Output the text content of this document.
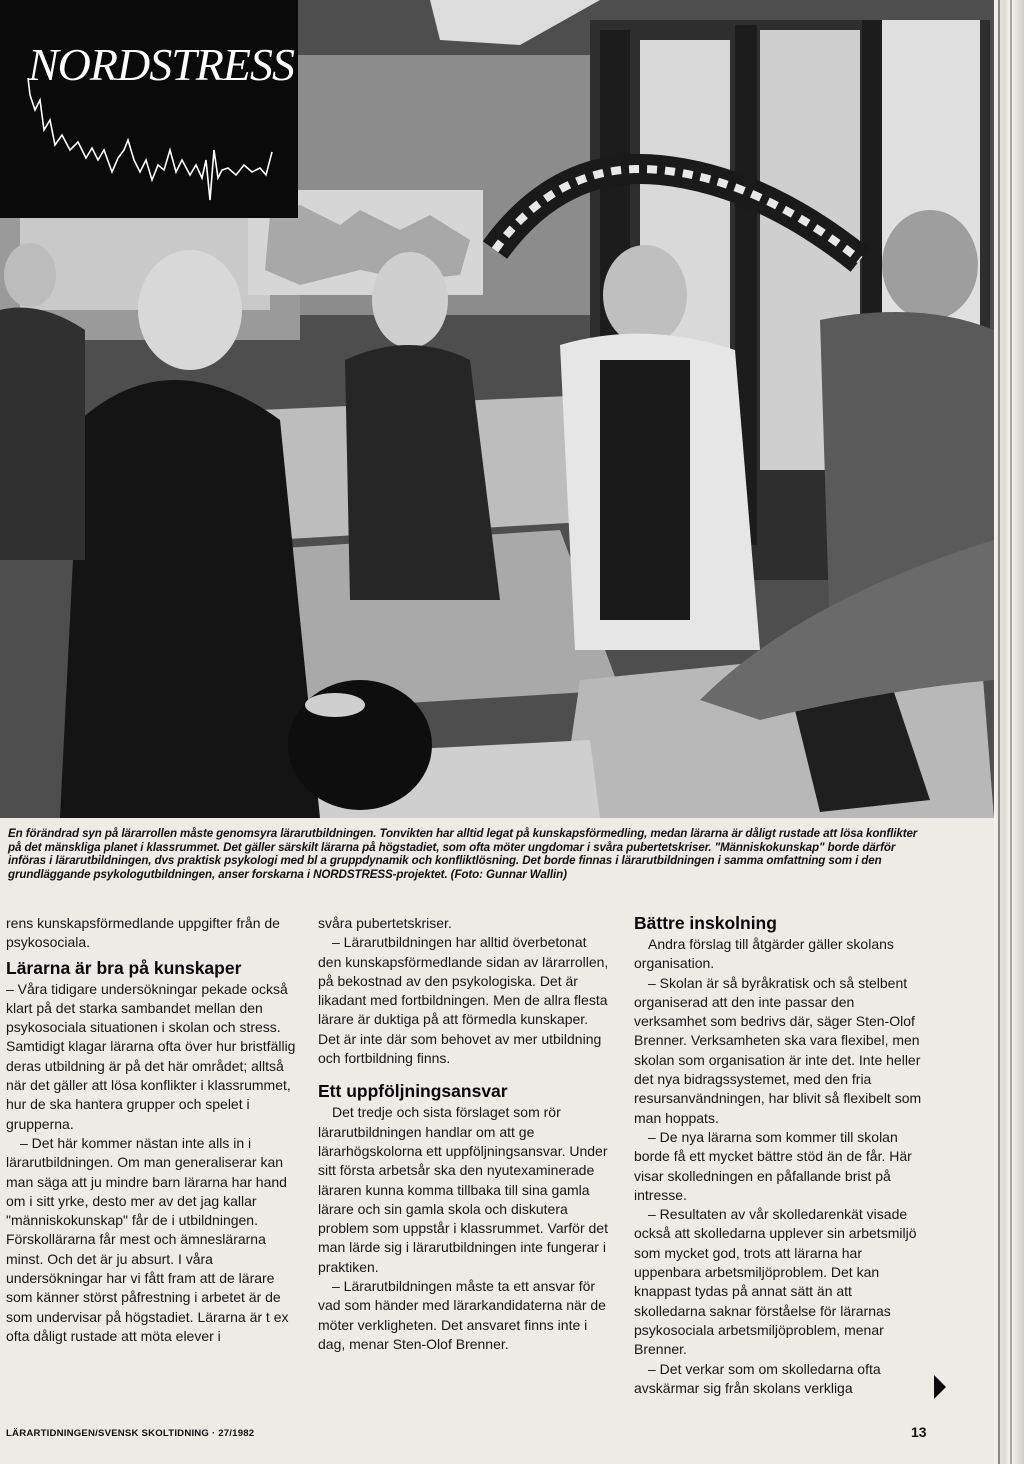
NORDSTRESS
En förändrad syn på lärarrollen måste genomsyra lärarutbildningen. Tonvikten har alltid legat på kunskapsförmedling, medan lärarna är dåligt rustade att lösa konflikter på det mänskliga planet i klassrummet. Det gäller särskilt lärarna på högstadiet, som ofta möter ungdomar i svåra pubertetskriser. "Människokunskap" borde därför införas i lärarutbildningen, dvs praktisk psykologi med bl a gruppdynamik och konfliktlösning. Det borde finnas i lärarutbildningen i samma omfattning som i den grundläggande psykologutbildningen, anser forskarna i NORDSTRESS-projektet. (Foto: Gunnar Wallin)

rens kunskapsförmedlande uppgifter från de psykosociala.

Lärarna är bra på kunskaper

– Våra tidigare undersökningar pekade också klart på det starka sambandet mellan den psykosociala situationen i skolan och stress. Samtidigt klagar lärarna ofta över hur bristfällig deras utbildning är på det här området; alltså när det gäller att lösa konflikter i klassrummet, hur de ska hantera grupper och spelet i grupperna.

– Det här kommer nästan inte alls in i lärarutbildningen. Om man generaliserar kan man säga att ju mindre barn lärarna har hand om i sitt yrke, desto mer av det jag kallar "människokunskap" får de i utbildningen. Förskollärarna får mest och ämneslärarna minst. Och det är ju absurt. I våra undersökningar har vi fått fram att de lärare som känner störst påfrestning i arbetet är de som undervisar på högstadiet. Lärarna är t ex ofta dåligt rustade att möta elever i

svåra pubertetskriser.

– Lärarutbildningen har alltid överbetonat den kunskapsförmedlande sidan av lärarrollen, på bekostnad av den psykologiska. Det är likadant med fortbildningen. Men de allra flesta lärare är duktiga på att förmedla kunskaper. Det är inte där som behovet av mer utbildning och fortbildning finns.

Ett uppföljningsansvar

Det tredje och sista förslaget som rör lärarutbildningen handlar om att ge lärarhögskolorna ett uppföljningsansvar. Under sitt första arbetsår ska den nyutexaminerade läraren kunna komma tillbaka till sina gamla lärare och sin gamla skola och diskutera problem som uppstår i klassrummet. Varför det man lärde sig i lärarutbildningen inte fungerar i praktiken.

– Lärarutbildningen måste ta ett ansvar för vad som händer med lärarkandidaterna när de möter verkligheten. Det ansvaret finns inte i dag, menar Sten-Olof Brenner.

Bättre inskolning

Andra förslag till åtgärder gäller skolans organisation.

– Skolan är så byråkratisk och så stelbent organiserad att den inte passar den verksamhet som bedrivs där, säger Sten-Olof Brenner. Verksamheten ska vara flexibel, men skolan som organisation är inte det. Inte heller det nya bidragssystemet, med den fria resursanvändningen, har blivit så flexibelt som man hoppats.

– De nya lärarna som kommer till skolan borde få ett mycket bättre stöd än de får. Här visar skolledningen en påfallande brist på intresse.

– Resultaten av vår skolledarenkät visade också att skolledarna upplever sin arbetsmiljö som mycket god, trots att lärarna har uppenbara arbetsmiljöproblem. Det kan knappast tydas på annat sätt än att skolledarna saknar förståelse för lärarnas psykosociala arbetsmiljöproblem, menar Brenner.

– Det verkar som om skolledarna ofta avskärmar sig från skolans verkliga

LÄRARTIDNINGEN/SVENSK SKOLTIDNING · 27/1982	13
